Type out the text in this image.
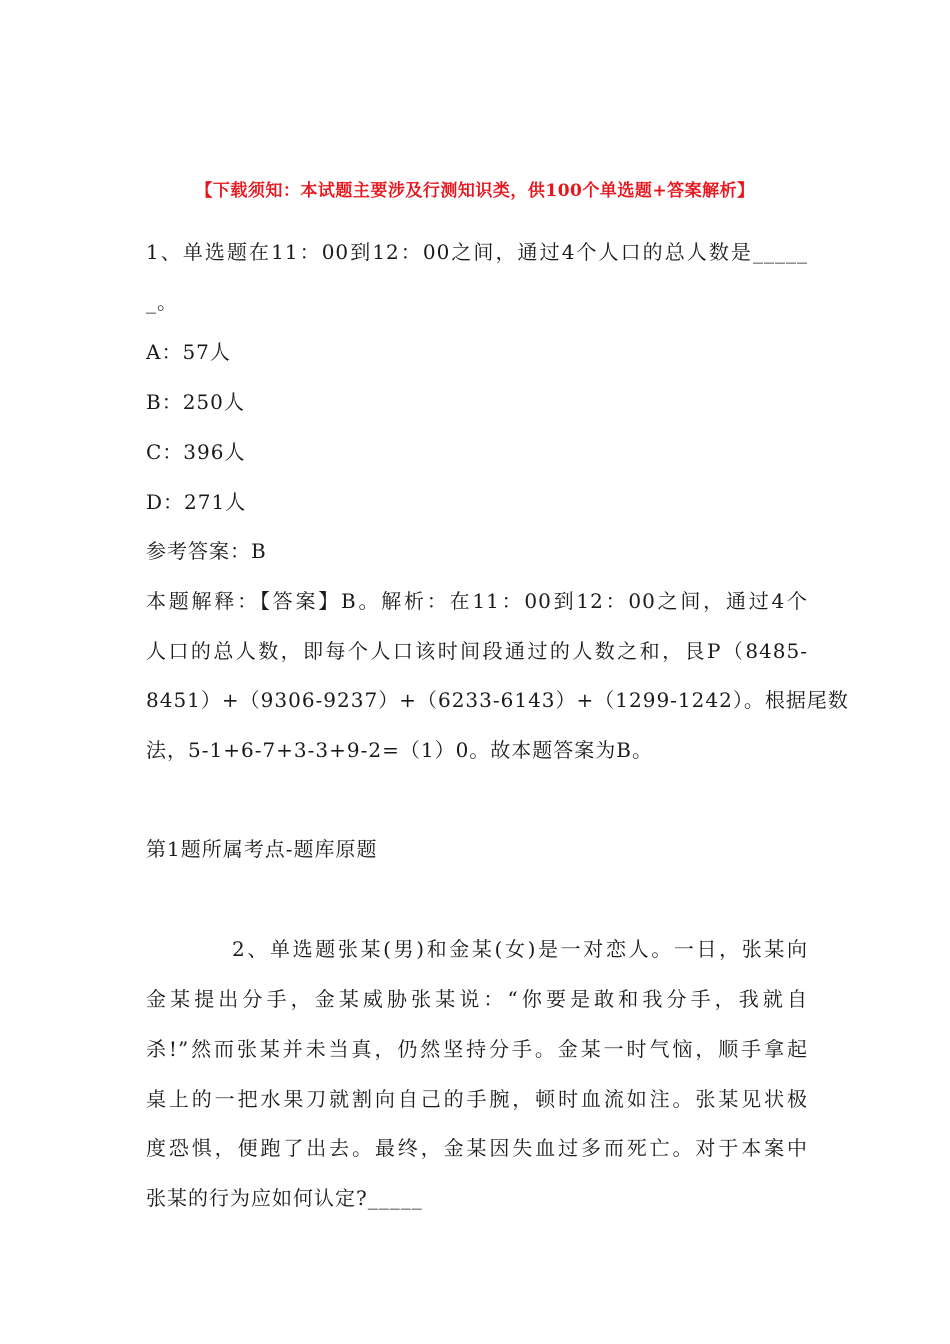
【下载须知：本试题主要涉及行测知识类，供100个单选题+答案解析】
1、单选题在11：00到12：00之间，通过4个人口的总人数是_____
_。
A：57人
B：250人
C：396人
D：271人
参考答案：B
本题解释：【答案】B。解析：在11：00到12：00之间，通过4个
人口的总人数，即每个人口该时间段通过的人数之和，艮P（8485-
8451）+（9306-9237）+（6233-6143）+（1299-1242）。根据尾数
法，5-1+6-7+3-3+9-2=（1）0。故本题答案为B。
第1题所属考点-题库原题
2、单选题张某(男)和金某(女)是一对恋人。一日，张某向
金某提出分手，金某威胁张某说：“你要是敢和我分手，我就自
杀!”然而张某并未当真，仍然坚持分手。金某一时气恼，顺手拿起
桌上的一把水果刀就割向自己的手腕，顿时血流如注。张某见状极
度恐惧，便跑了出去。最终，金某因失血过多而死亡。对于本案中
张某的行为应如何认定?_____
